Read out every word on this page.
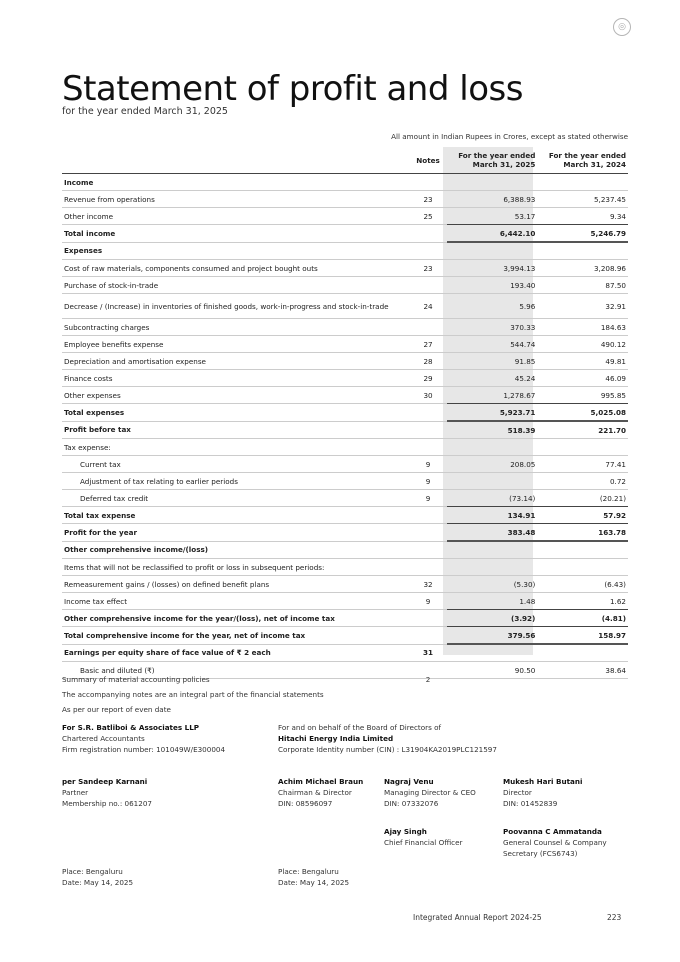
◎
Statement of profit and loss
for the year ended March 31, 2025
All amount in Indian Rupees in Crores, except as stated otherwise
	Notes	For the year ended March 31, 2025	For the year ended March 31, 2024
Income			
Revenue from operations	23	6,388.93	5,237.45
Other income	25	53.17	9.34
Total income		6,442.10	5,246.79
Expenses			
Cost of raw materials, components consumed and project bought outs	23	3,994.13	3,208.96
Purchase of stock-in-trade		193.40	87.50
Decrease / (Increase) in inventories of finished goods, work-in-progress and stock-in-trade	24	5.96	32.91
Subcontracting charges		370.33	184.63
Employee benefits expense	27	544.74	490.12
Depreciation and amortisation expense	28	91.85	49.81
Finance costs	29	45.24	46.09
Other expenses	30	1,278.67	995.85
Total expenses		5,923.71	5,025.08
Profit before tax		518.39	221.70
Tax expense:			
Current tax	9	208.05	77.41
Adjustment of tax relating to earlier periods	9		0.72
Deferred tax credit	9	(73.14)	(20.21)
Total tax expense		134.91	57.92
Profit for the year		383.48	163.78
Other comprehensive income/(loss)			
Items that will not be reclassified to profit or loss in subsequent periods:			
Remeasurement gains / (losses) on defined benefit plans	32	(5.30)	(6.43)
Income tax effect	9	1.48	1.62
Other comprehensive income for the year/(loss), net of income tax		(3.92)	(4.81)
Total comprehensive income for the year, net of income tax		379.56	158.97
Earnings per equity share of face value of ₹ 2 each	31		
Basic and diluted (₹)		90.50	38.64
Summary of material accounting policies	2
The accompanying notes are an integral part of the financial statements
As per our report of even date
For S.R. Batliboi & Associates LLP
Chartered Accountants
Firm registration number: 101049W/E300004
For and on behalf of the Board of Directors of
Hitachi Energy India Limited
Corporate Identity number (CIN) : L31904KA2019PLC121597
per Sandeep Karnani
Partner
Membership no.: 061207
Achim Michael Braun
Chairman & Director
DIN: 08596097
Nagraj Venu
Managing Director & CEO
DIN: 07332076
Mukesh Hari Butani
Director
DIN: 01452839
Ajay Singh
Chief Financial Officer
Poovanna C Ammatanda
General Counsel & Company Secretary (FCS6743)
Place: Bengaluru
Date: May 14, 2025
Place: Bengaluru
Date: May 14, 2025
Integrated Annual Report 2024-25	223
